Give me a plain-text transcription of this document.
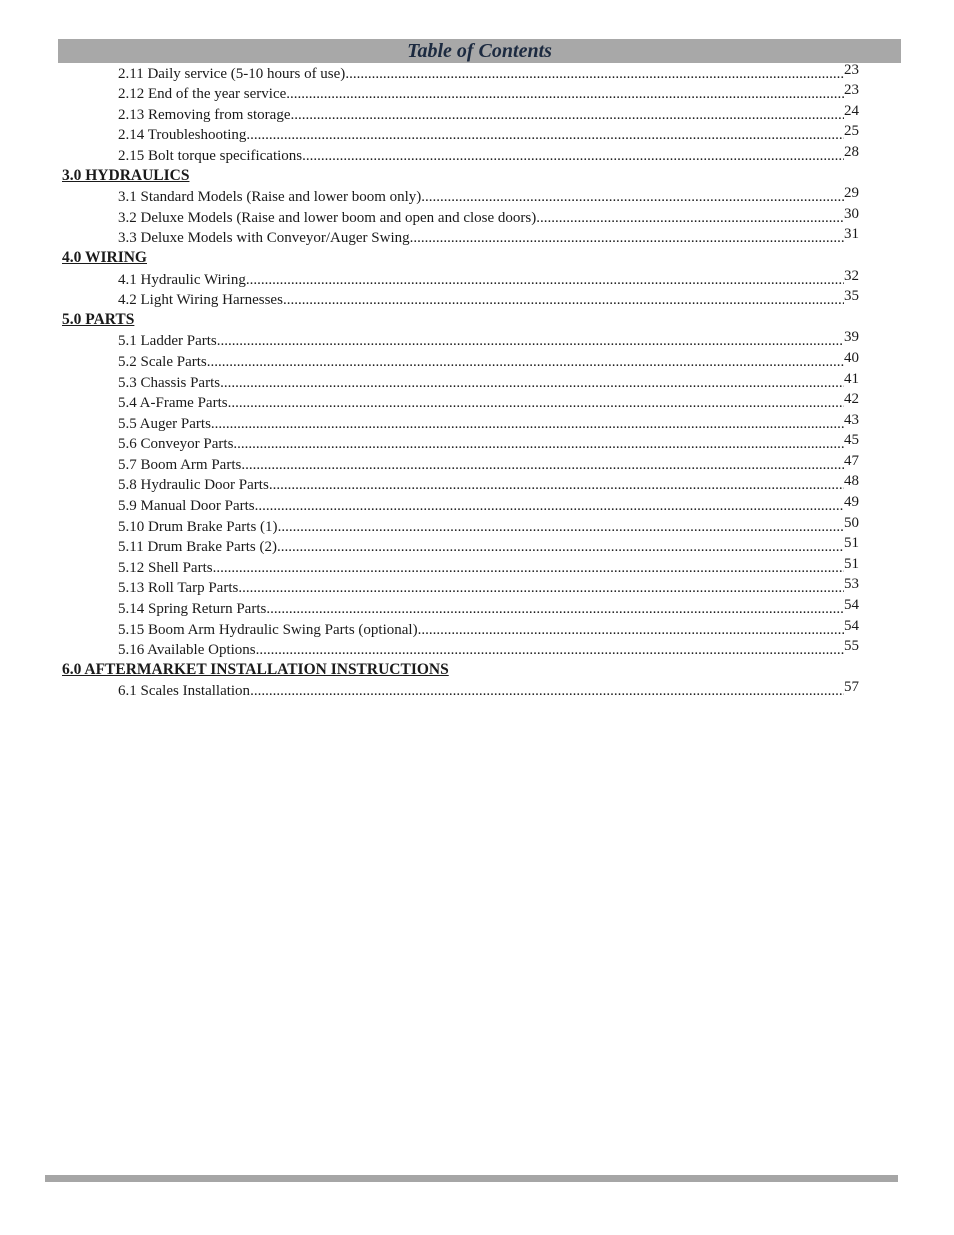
Table of Contents
2.11 Daily service (5-10 hours of use) .....	23
2.12 End of the year service .....	23
2.13 Removing from storage .....	24
2.14 Troubleshooting .....	25
2.15 Bolt torque specifications .....	28
3.0 HYDRAULICS
3.1 Standard Models (Raise and lower boom only) .....	29
3.2 Deluxe Models (Raise and lower boom and open and close doors) .....	30
3.3 Deluxe Models with Conveyor/Auger Swing .....	31
4.0 WIRING
4.1 Hydraulic Wiring .....	32
4.2 Light Wiring Harnesses .....	35
5.0 PARTS
5.1 Ladder Parts .....	39
5.2 Scale Parts .....	40
5.3 Chassis Parts .....	41
5.4 A-Frame Parts .....	42
5.5 Auger Parts .....	43
5.6 Conveyor Parts .....	45
5.7 Boom Arm Parts .....	47
5.8 Hydraulic Door Parts .....	48
5.9 Manual Door Parts .....	49
5.10 Drum Brake Parts (1) .....	50
5.11 Drum Brake Parts (2) .....	51
5.12 Shell Parts .....	51
5.13 Roll Tarp Parts .....	53
5.14 Spring Return Parts .....	54
5.15 Boom Arm Hydraulic Swing Parts (optional) .....	54
5.16 Available Options .....	55
6.0 AFTERMARKET INSTALLATION INSTRUCTIONS
6.1 Scales Installation .....	57
